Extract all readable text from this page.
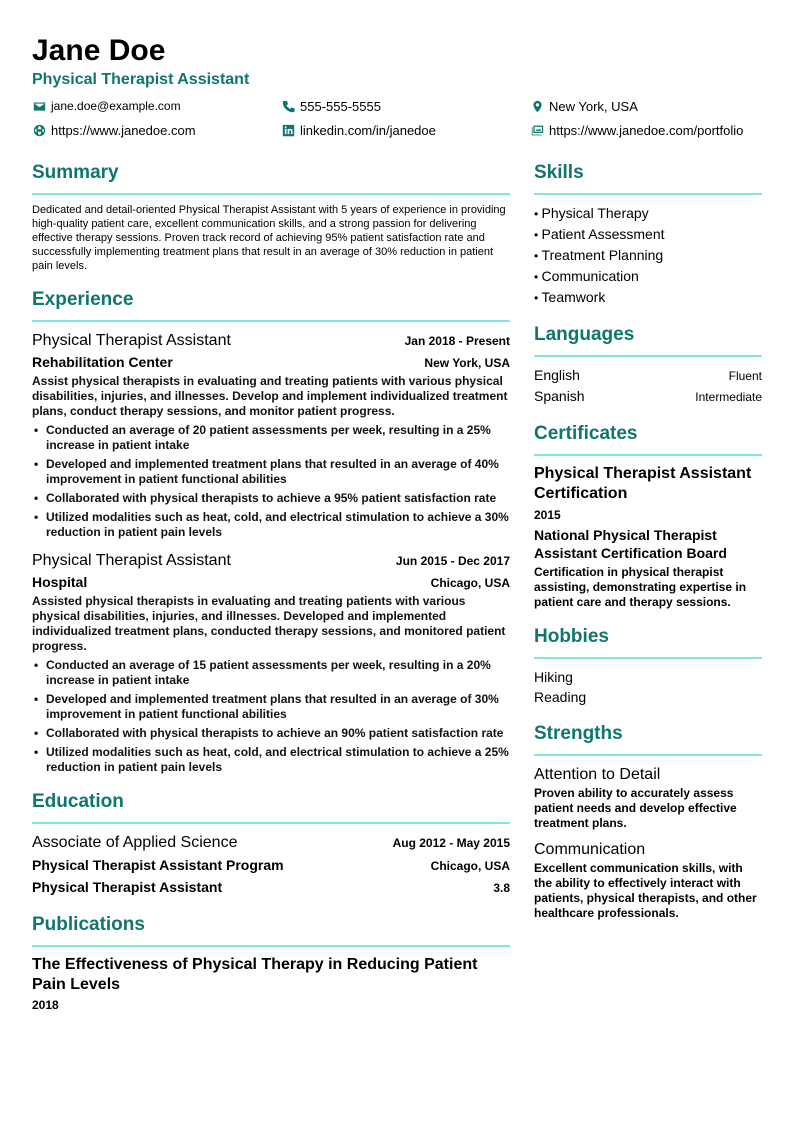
Jane Doe
Physical Therapist Assistant
jane.doe@example.com	555-555-5555	New York, USA
https://www.janedoe.com	linkedin.com/in/janedoe	https://www.janedoe.com/portfolio
Summary

Dedicated and detail-oriented Physical Therapist Assistant with 5 years of experience in providing high-quality patient care, excellent communication skills, and a strong passion for delivering effective therapy sessions. Proven track record of achieving 95% patient satisfaction rate and successfully implementing treatment plans that result in an average of 30% reduction in patient pain levels.

Experience
Physical Therapist Assistant	Jan 2018 - Present
Rehabilitation Center	New York, USA

Assist physical therapists in evaluating and treating patients with various physical disabilities, injuries, and illnesses. Develop and implement individualized treatment plans, conduct therapy sessions, and monitor patient progress.

• Conducted an average of 20 patient assessments per week, resulting in a 25% increase in patient intake
• Developed and implemented treatment plans that resulted in an average of 40% improvement in patient functional abilities
• Collaborated with physical therapists to achieve a 95% patient satisfaction rate
• Utilized modalities such as heat, cold, and electrical stimulation to achieve a 30% reduction in patient pain levels
Physical Therapist Assistant	Jun 2015 - Dec 2017
Hospital	Chicago, USA

Assisted physical therapists in evaluating and treating patients with various physical disabilities, injuries, and illnesses. Developed and implemented individualized treatment plans, conducted therapy sessions, and monitored patient progress.

• Conducted an average of 15 patient assessments per week, resulting in a 20% increase in patient intake
• Developed and implemented treatment plans that resulted in an average of 30% improvement in patient functional abilities
• Collaborated with physical therapists to achieve an 90% patient satisfaction rate
• Utilized modalities such as heat, cold, and electrical stimulation to achieve a 25% reduction in patient pain levels
Education
Associate of Applied Science	Aug 2012 - May 2015
Physical Therapist Assistant Program	Chicago, USA
Physical Therapist Assistant	3.8
Publications
The Effectiveness of Physical Therapy in Reducing Patient Pain Levels
2018
Skills
• Physical Therapy
• Patient Assessment
• Treatment Planning
• Communication
• Teamwork
Languages
English	Fluent
Spanish	Intermediate
Certificates
Physical Therapist Assistant Certification
2015
National Physical Therapist Assistant Certification Board

Certification in physical therapist assisting, demonstrating expertise in patient care and therapy sessions.

Hobbies
Hiking
Reading
Strengths
Attention to Detail

Proven ability to accurately assess patient needs and develop effective treatment plans.

Communication

Excellent communication skills, with the ability to effectively interact with patients, physical therapists, and other healthcare professionals.
